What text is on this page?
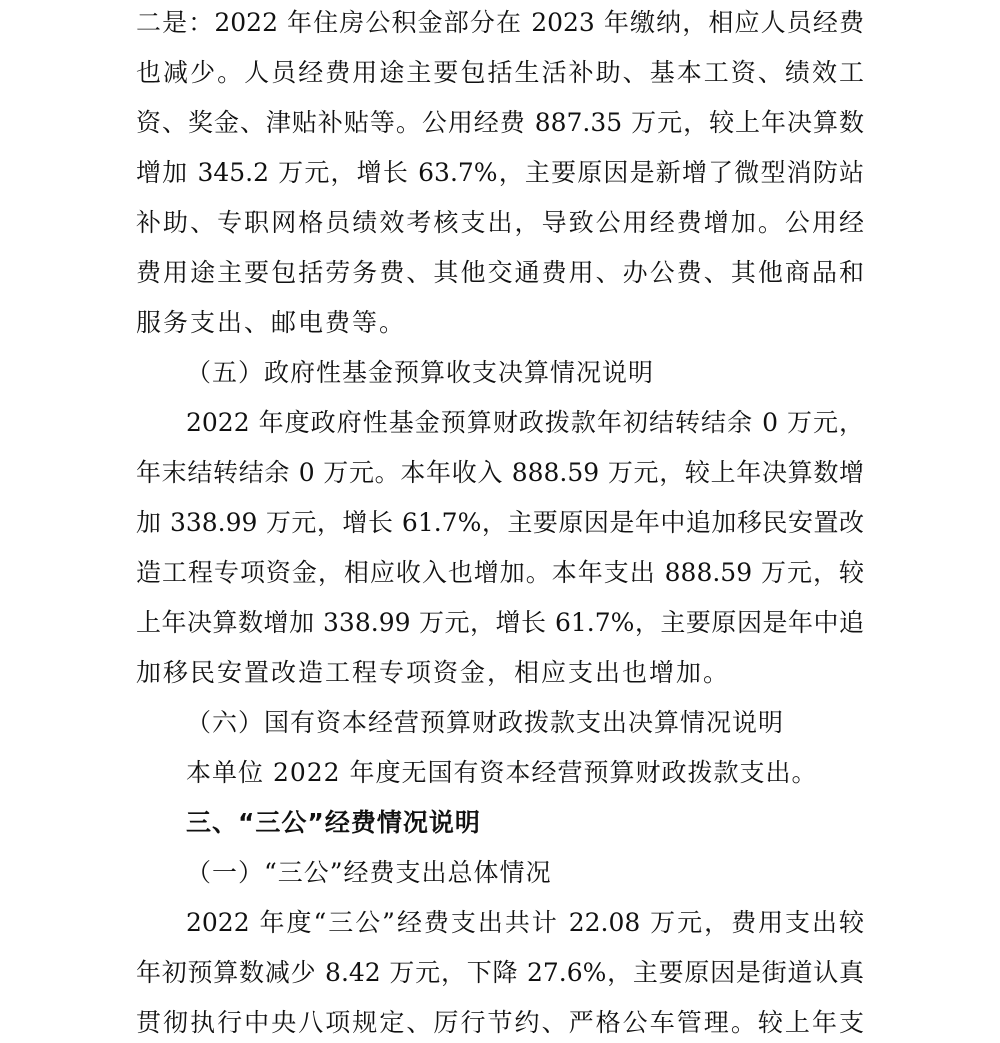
二是：2022 年住房公积金部分在 2023 年缴纳，相应人员经费
也减少。人员经费用途主要包括生活补助、基本工资、绩效工
资、奖金、津贴补贴等。公用经费 887.35 万元，较上年决算数
增加 345.2 万元，增长 63.7%，主要原因是新增了微型消防站
补助、专职网格员绩效考核支出，导致公用经费增加。公用经
费用途主要包括劳务费、其他交通费用、办公费、其他商品和
服务支出、邮电费等。
（五）政府性基金预算收支决算情况说明
2022 年度政府性基金预算财政拨款年初结转结余 0 万元，
年末结转结余 0 万元。本年收入 888.59 万元，较上年决算数增
加 338.99 万元，增长 61.7%，主要原因是年中追加移民安置改
造工程专项资金，相应收入也增加。本年支出 888.59 万元，较
上年决算数增加 338.99 万元，增长 61.7%，主要原因是年中追
加移民安置改造工程专项资金，相应支出也增加。
（六）国有资本经营预算财政拨款支出决算情况说明
本单位 2022 年度无国有资本经营预算财政拨款支出。
三、“三公”经费情况说明
（一）“三公”经费支出总体情况
2022 年度“三公”经费支出共计 22.08 万元，费用支出较
年初预算数减少 8.42 万元，下降 27.6%，主要原因是街道认真
贯彻执行中央八项规定、厉行节约、严格公车管理。较上年支
